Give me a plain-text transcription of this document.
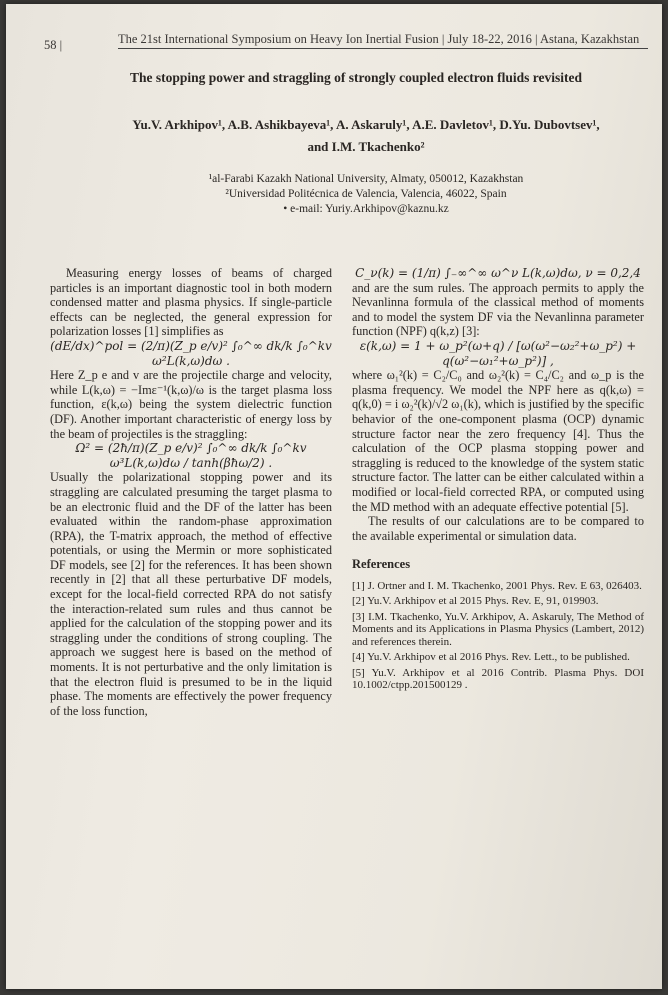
58 |	The 21st International Symposium on Heavy Ion Inertial Fusion | July 18-22, 2016 | Astana, Kazakhstan
The stopping power and straggling of strongly coupled electron fluids revisited
Yu.V. Arkhipov¹, A.B. Ashikbayeva¹, A. Askaruly¹, A.E. Davletov¹, D.Yu. Dubovtsev¹,
and I.M. Tkachenko²
¹al-Farabi Kazakh National University, Almaty, 050012, Kazakhstan
²Universidad Politécnica de Valencia, Valencia, 46022, Spain
• e-mail: Yuriy.Arkhipov@kaznu.kz

Measuring energy losses of beams of charged particles is an important diagnostic tool in both modern condensed matter and plasma physics. If single-particle effects can be neglected, the general expression for polarization losses [1] simplifies as

(dE/dx)^pol = (2/π)(Z_p e/v)² ∫₀^∞ dk/k ∫₀^kv ω²L(k,ω)dω .

Here Z_p e and v are the projectile charge and velocity, while L(k,ω) = −Imε⁻¹(k,ω)/ω is the target plasma loss function, ε(k,ω) being the system dielectric function (DF). Another important characteristic of energy loss by the beam of projectiles is the straggling:

Ω² = (2ħ/π)(Z_p e/v)² ∫₀^∞ dk/k ∫₀^kv ω³L(k,ω)dω / tanh(βħω/2) .

Usually the polarizational stopping power and its straggling are calculated presuming the target plasma to be an electronic fluid and the DF of the latter has been evaluated within the random-phase approximation (RPA), the T-matrix approach, the method of effective potentials, or using the Mermin or more sophisticated DF models, see [2] for the references. It has been shown recently in [2] that all these perturbative DF models, except for the local-field corrected RPA do not satisfy the interaction-related sum rules and thus cannot be applied for the calculation of the stopping power and its straggling under the conditions of strong coupling. The approach we suggest here is based on the method of moments. It is not perturbative and the only limitation is that the electron fluid is presumed to be in the liquid phase. The moments are effectively the power frequency of the loss function,

C_ν(k) = (1/π) ∫₋∞^∞ ω^ν L(k,ω)dω, ν = 0,2,4

and are the sum rules. The approach permits to apply the Nevanlinna formula of the classical method of moments and to model the system DF via the Nevanlinna parameter function (NPF) q(k,z) [3]:

ε(k,ω) = 1 + ω_p²(ω+q) / [ω(ω²−ω₂²+ω_p²) + q(ω²−ω₁²+ω_p²)] ,

where ω₁²(k) = C₂/C₀ and ω₂²(k) = C₄/C₂ and ω_p is the plasma frequency. We model the NPF here as q(k,ω) = q(k,0) = i ω₂²(k)/√2 ω₁(k), which is justified by the specific behavior of the one-component plasma (OCP) dynamic structure factor near the zero frequency [4]. Thus the calculation of the OCP plasma stopping power and straggling is reduced to the knowledge of the system static structure factor. The latter can be either calculated within a modified or local-field corrected RPA, or computed using the MD method with an adequate effective potential [5].

The results of our calculations are to be compared to the available experimental or simulation data.

References

[1] J. Ortner and I. M. Tkachenko, 2001 Phys. Rev. E 63, 026403.

[2] Yu.V. Arkhipov et al 2015 Phys. Rev. E, 91, 019903.

[3] I.M. Tkachenko, Yu.V. Arkhipov, A. Askaruly, The Method of Moments and its Applications in Plasma Physics (Lambert, 2012) and references therein.

[4] Yu.V. Arkhipov et al 2016 Phys. Rev. Lett., to be published.

[5] Yu.V. Arkhipov et al 2016 Contrib. Plasma Phys. DOI 10.1002/ctpp.201500129 .
